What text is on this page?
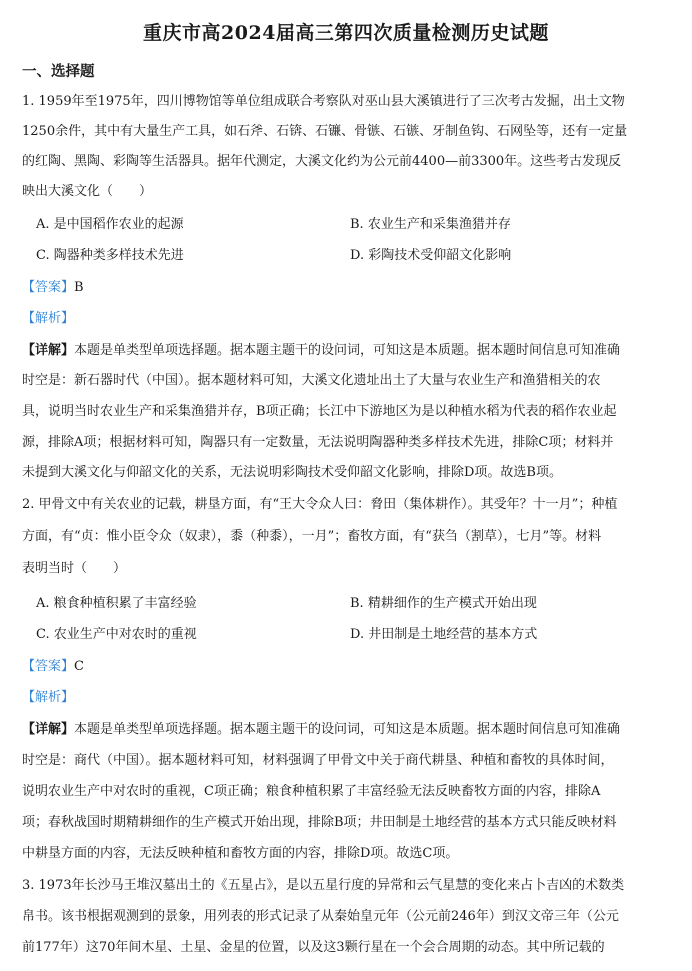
重庆市高2024届高三第四次质量检测历史试题
一、选择题
1. 1959年至1975年，四川博物馆等单位组成联合考察队对巫山县大溪镇进行了三次考古发掘，出土文物
1250余件，其中有大量生产工具，如石斧、石锛、石镰、骨镞、石镞、牙制鱼钩、石网坠等，还有一定量
的红陶、黑陶、彩陶等生活器具。据年代测定，大溪文化约为公元前4400—前3300年。这些考古发现反
映出大溪文化（　　）
A. 是中国稻作农业的起源	B. 农业生产和采集渔猎并存
C. 陶器种类多样技术先进	D. 彩陶技术受仰韶文化影响
【答案】B
【解析】
【详解】本题是单类型单项选择题。据本题主题干的设问词，可知这是本质题。据本题时间信息可知准确
时空是：新石器时代（中国）。据本题材料可知，大溪文化遗址出土了大量与农业生产和渔猎相关的农
具，说明当时农业生产和采集渔猎并存，B项正确；长江中下游地区为是以种植水稻为代表的稻作农业起
源，排除A项；根据材料可知，陶器只有一定数量，无法说明陶器种类多样技术先进，排除C项；材料并
未提到大溪文化与仰韶文化的关系，无法说明彩陶技术受仰韶文化影响，排除D项。故选B项。
2. 甲骨文中有关农业的记载，耕垦方面，有“王大令众人曰：脅田（集体耕作）。其受年？十一月”；种植
方面，有“贞：惟小臣令众（奴隶），黍（种黍），一月”；畜牧方面，有“获刍（割草），七月”等。材料
表明当时（　　）
A. 粮食种植积累了丰富经验	B. 精耕细作的生产模式开始出现
C. 农业生产中对农时的重视	D. 井田制是土地经营的基本方式
【答案】C
【解析】
【详解】本题是单类型单项选择题。据本题主题干的设问词，可知这是本质题。据本题时间信息可知准确
时空是：商代（中国）。据本题材料可知，材料强调了甲骨文中关于商代耕垦、种植和畜牧的具体时间，
说明农业生产中对农时的重视，C项正确；粮食种植积累了丰富经验无法反映畜牧方面的内容，排除A
项；春秋战国时期精耕细作的生产模式开始出现，排除B项；井田制是土地经营的基本方式只能反映材料
中耕垦方面的内容，无法反映种植和畜牧方面的内容，排除D项。故选C项。
3. 1973年长沙马王堆汉墓出土的《五星占》，是以五星行度的异常和云气星慧的变化来占卜吉凶的术数类
帛书。该书根据观测到的景象，用列表的形式记录了从秦始皇元年（公元前246年）到汉文帝三年（公元
前177年）这70年间木星、土星、金星的位置，以及这3颗行星在一个会合周期的动态。其中所记载的
